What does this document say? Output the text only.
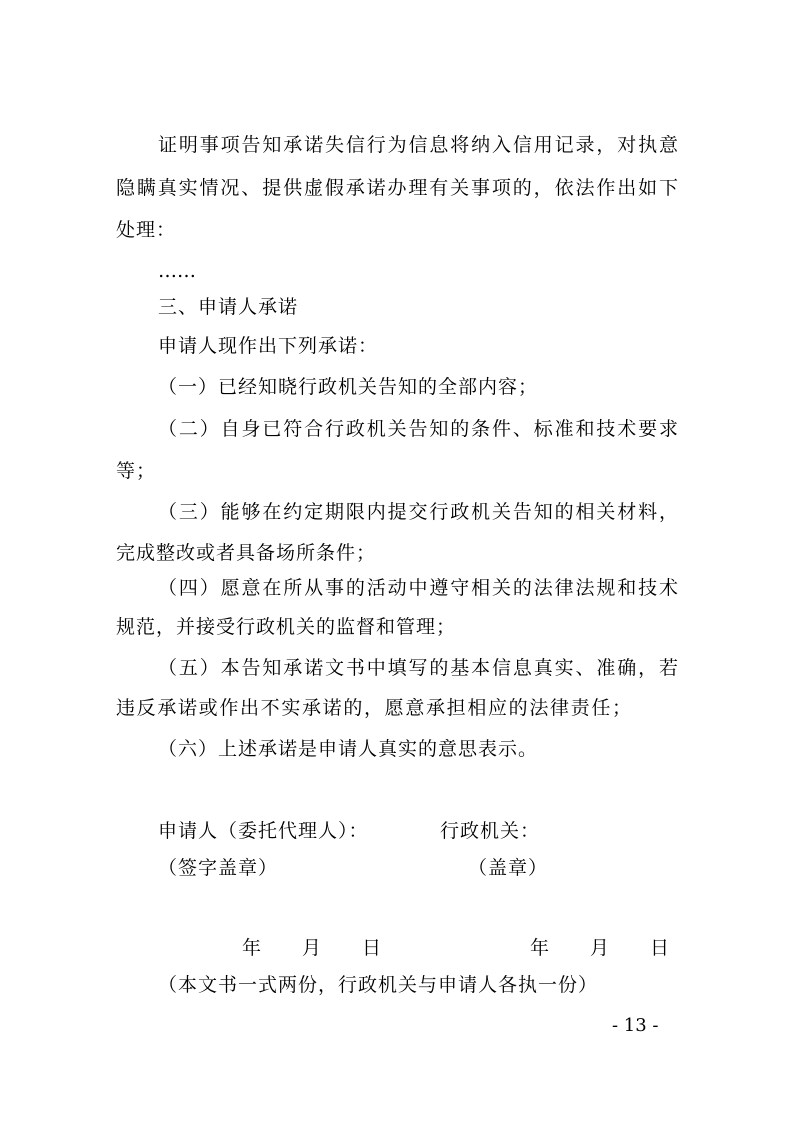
证明事项告知承诺失信行为信息将纳入信用记录，对执意
隐瞒真实情况、提供虚假承诺办理有关事项的，依法作出如下
处理：
……
三、申请人承诺
申请人现作出下列承诺：
（一）已经知晓行政机关告知的全部内容；
（二）自身已符合行政机关告知的条件、标准和技术要求
等；
（三）能够在约定期限内提交行政机关告知的相关材料，
完成整改或者具备场所条件；
（四）愿意在所从事的活动中遵守相关的法律法规和技术
规范，并接受行政机关的监督和管理；
（五）本告知承诺文书中填写的基本信息真实、准确，若
违反承诺或作出不实承诺的，愿意承担相应的法律责任；
（六）上述承诺是申请人真实的意思表示。
申请人（委托代理人）：	行政机关：
（签字盖章）	（盖章）
年　　月　　日	年　　月　　日
（本文书一式两份，行政机关与申请人各执一份）
- 13 -
